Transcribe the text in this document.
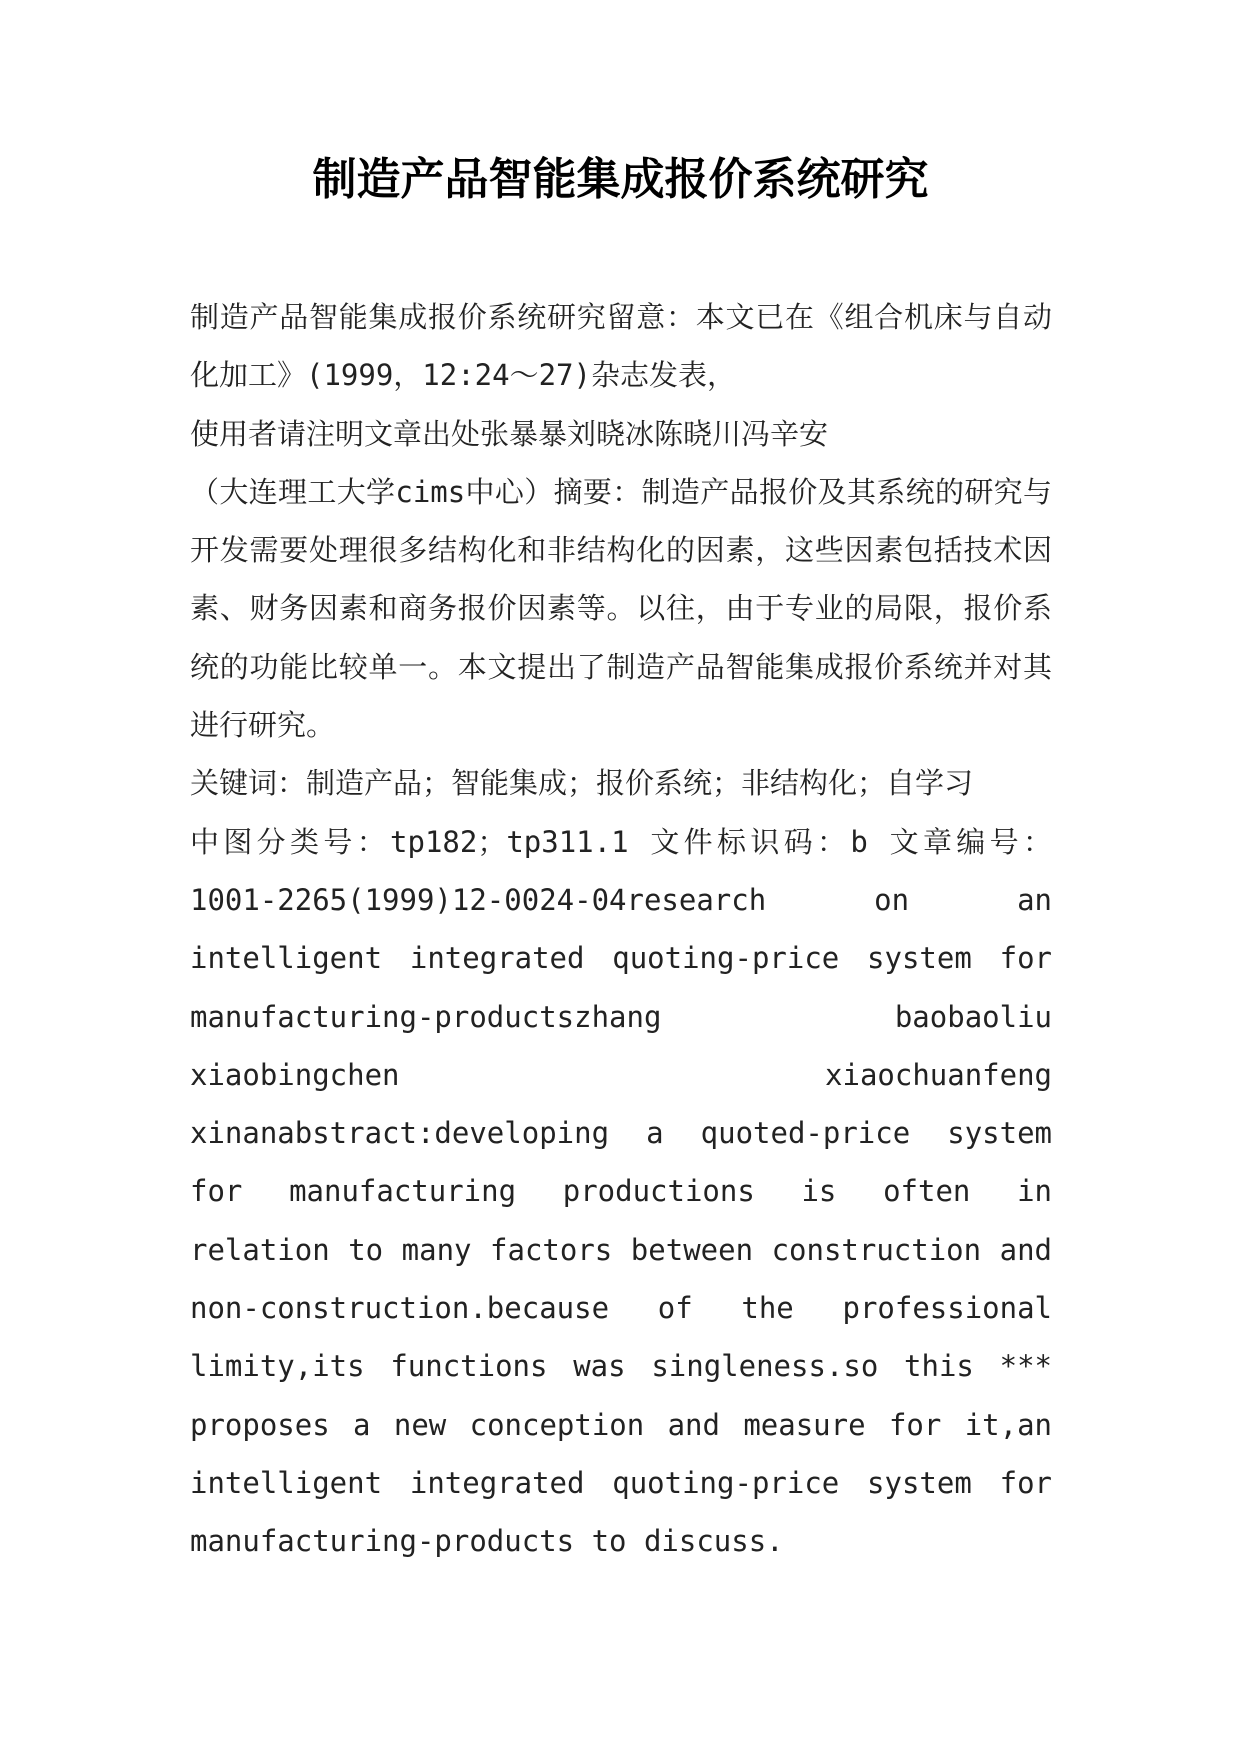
制造产品智能集成报价系统研究

制造产品智能集成报价系统研究留意：本文已在《组合机床与自动化加工》(1999，12:24～27)杂志发表，

使用者请注明文章出处张暴暴刘晓冰陈晓川冯辛安

（大连理工大学cims中心）摘要：制造产品报价及其系统的研究与开发需要处理很多结构化和非结构化的因素，这些因素包括技术因素、财务因素和商务报价因素等。以往，由于专业的局限，报价系统的功能比较单一。本文提出了制造产品智能集成报价系统并对其进行研究。

关键词：制造产品；智能集成；报价系统；非结构化；自学习

中图分类号：tp182；tp311.1 文件标识码：b 文章编号：1001-2265(1999)12-0024-04research on an intelligent integrated quoting-price system for manufacturing-productszhang baobaoliu xiaobingchen xiaochuanfeng xinanabstract:developing a quoted-price system for manufacturing productions is often in relation to many factors between construction and non-construction.because of the professional limity,its functions was singleness.so this *** proposes a new conception and measure for it,an intelligent integrated quoting-price system for manufacturing-products to discuss.
